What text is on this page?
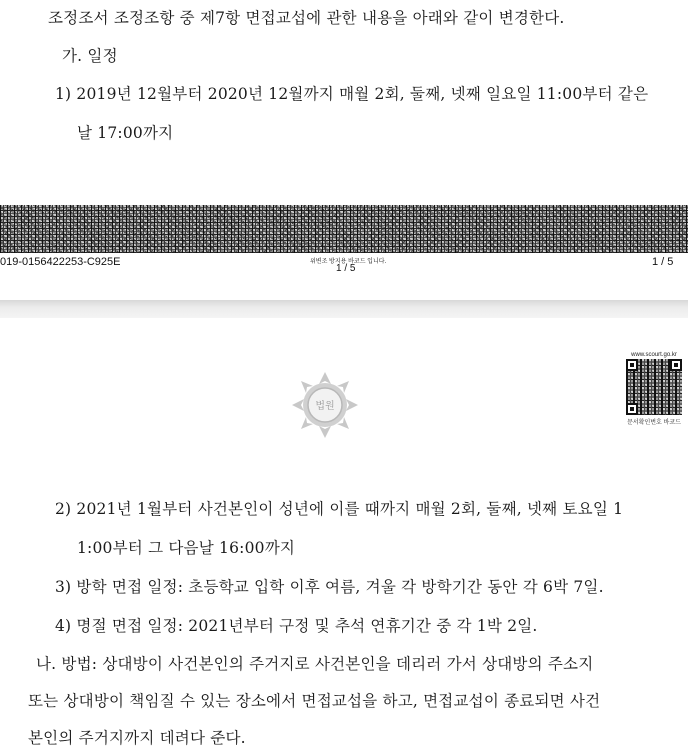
조정조서 조정조항 중 제7항 면접교섭에 관한 내용을 아래와 같이 변경한다.
가. 일정
1) 2019년 12월부터 2020년 12월까지 매월 2회, 둘째, 넷째 일요일 11:00부터 같은
날 17:00까지
019-0156422253-C925E	위변조 방지용 바코드 입니다.
1 / 5
1 / 5
법원
www.scourt.go.kr
문서확인번호 바코드
2) 2021년 1월부터 사건본인이 성년에 이를 때까지 매월 2회, 둘째, 넷째 토요일 1
1:00부터 그 다음날 16:00까지
3) 방학 면접 일정: 초등학교 입학 이후 여름, 겨울 각 방학기간 동안 각 6박 7일.
4) 명절 면접 일정: 2021년부터 구정 및 추석 연휴기간 중 각 1박 2일.
나. 방법: 상대방이 사건본인의 주거지로 사건본인을 데리러 가서 상대방의 주소지
또는 상대방이 책임질 수 있는 장소에서 면접교섭을 하고, 면접교섭이 종료되면 사건
본인의 주거지까지 데려다 준다.
